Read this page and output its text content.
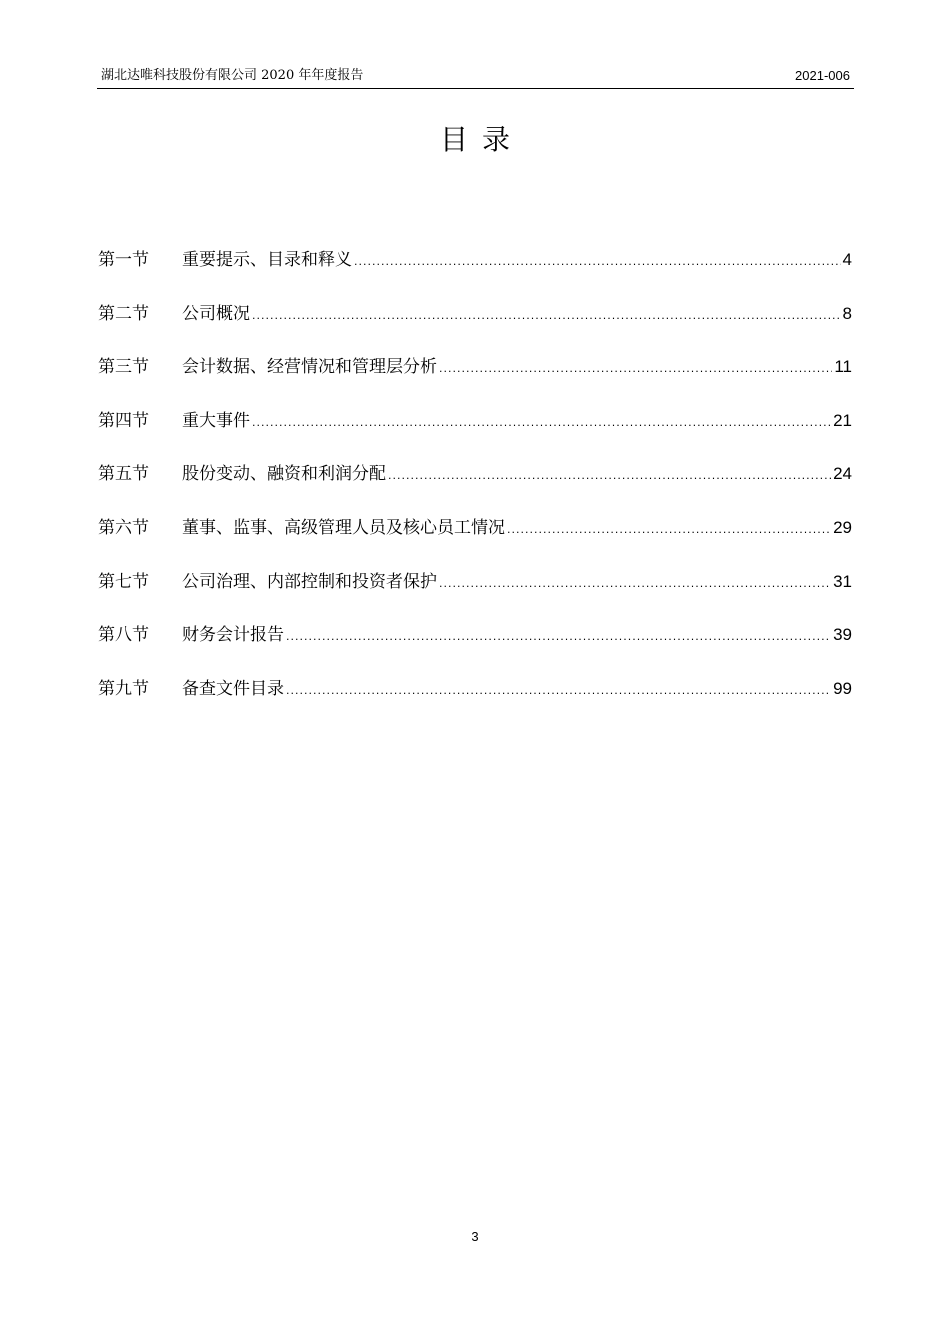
湖北达唯科技股份有限公司 2020 年年度报告	2021-006
目录
第一节	重要提示、目录和释义 .....	4
第二节	公司概况 .....	8
第三节	会计数据、经营情况和管理层分析 .....	11
第四节	重大事件 .....	21
第五节	股份变动、融资和利润分配 .....	24
第六节	董事、监事、高级管理人员及核心员工情况 .....	29
第七节	公司治理、内部控制和投资者保护 .....	31
第八节	财务会计报告 .....	39
第九节	备查文件目录 .....	99
3
